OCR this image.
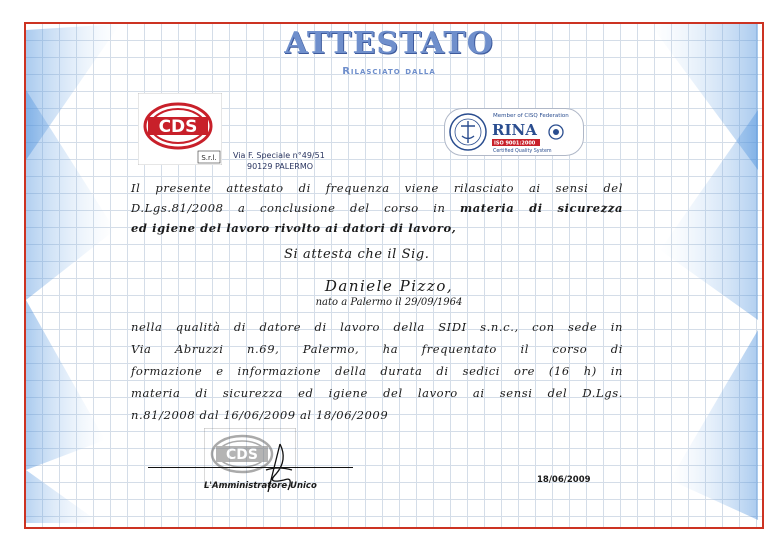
ATTESTATO
Rilasciato dalla
CDS
S.r.l. Via F. Speciale n°49/51
90129 PALERMO
Member of CISQ Federation
RINA
ISO 9001:2000
Certified Quality System
Il presente attestato di frequenza viene rilasciato ai sensi del
D.Lgs.81/2008 a conclusione del corso in materia di sicurezza
ed igiene del lavoro rivolto ai datori di lavoro,
Si attesta che il Sig.
Daniele Pizzo,
nato a Palermo il 29/09/1964
nella qualità di datore di lavoro della SIDI s.n.c., con sede in
Via Abruzzi n.69, Palermo, ha frequentato il corso di
formazione e informazione della durata di sedici ore (16 h) in
materia di sicurezza ed igiene del lavoro ai sensi del D.Lgs.
n.81/2008 dal 16/06/2009 al 18/06/2009
CDS
L'Amministratore Unico
18/06/2009
